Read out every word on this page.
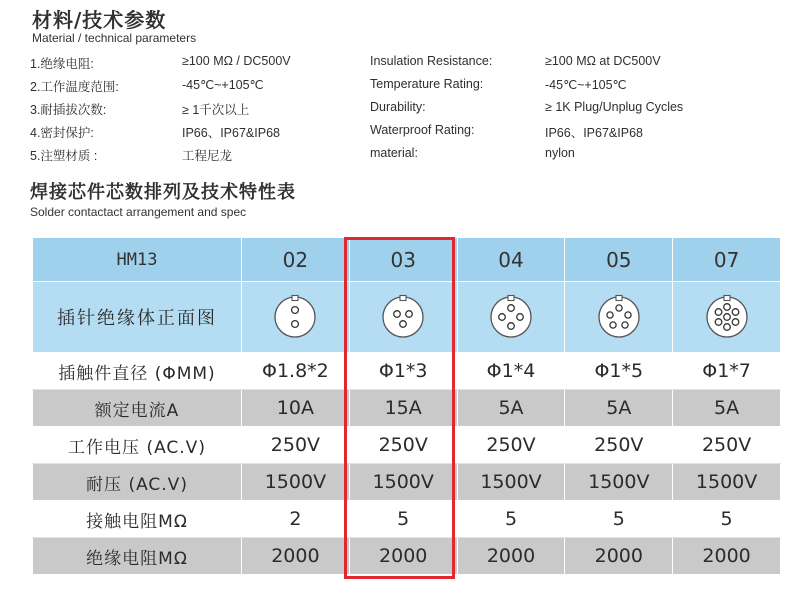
材料/技术参数
Material / technical parameters
1.绝缘电阻:	≥100 MΩ / DC500V	Insulation Resistance:	≥100 MΩ at DC500V
2.工作温度范围:	-45℃~+105℃	Temperature Rating:	-45℃~+105℃
3.耐插拔次数:	≥ 1千次以上	Durability:	≥ 1K Plug/Unplug Cycles
4.密封保护:	IP66、IP67&IP68	Waterproof Rating:	IP66、IP67&IP68
5.注塑材质 :	工程尼龙	material:	nylon
焊接芯件芯数排列及技术特性表
Solder contactact arrangement and spec
HM13	02	03	04	05	07
插针绝缘体正面图	

插触件直径 (ΦMM)	Φ1.8*2	Φ1*3	Φ1*4	Φ1*5	Φ1*7
额定电流A	10A	15A	5A	5A	5A
工作电压 (AC.V)	250V	250V	250V	250V	250V
耐压 (AC.V)	1500V	1500V	1500V	1500V	1500V
接触电阻MΩ	2	5	5	5	5
绝缘电阻MΩ	2000	2000	2000	2000	2000
